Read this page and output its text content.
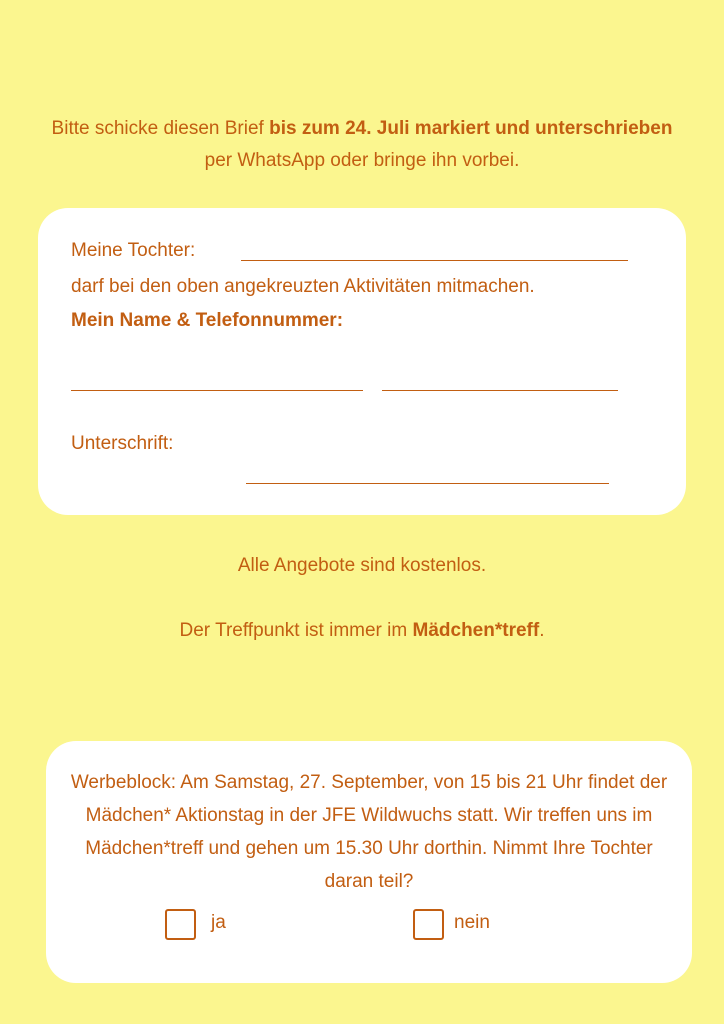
Bitte schicke diesen Brief bis zum 24. Juli markiert und unterschrieben per WhatsApp oder bringe ihn vorbei.
Meine Tochter:
darf bei den oben angekreuzten Aktivitäten mitmachen.
Mein Name & Telefonnummer:
Unterschrift:
Alle Angebote sind kostenlos.
Der Treffpunkt ist immer im Mädchen*treff.
Werbeblock: Am Samstag, 27. September, von 15 bis 21 Uhr findet der Mädchen* Aktionstag in der JFE Wildwuchs statt. Wir treffen uns im Mädchen*treff und gehen um 15.30 Uhr dorthin. Nimmt Ihre Tochter daran teil?
ja	nein
